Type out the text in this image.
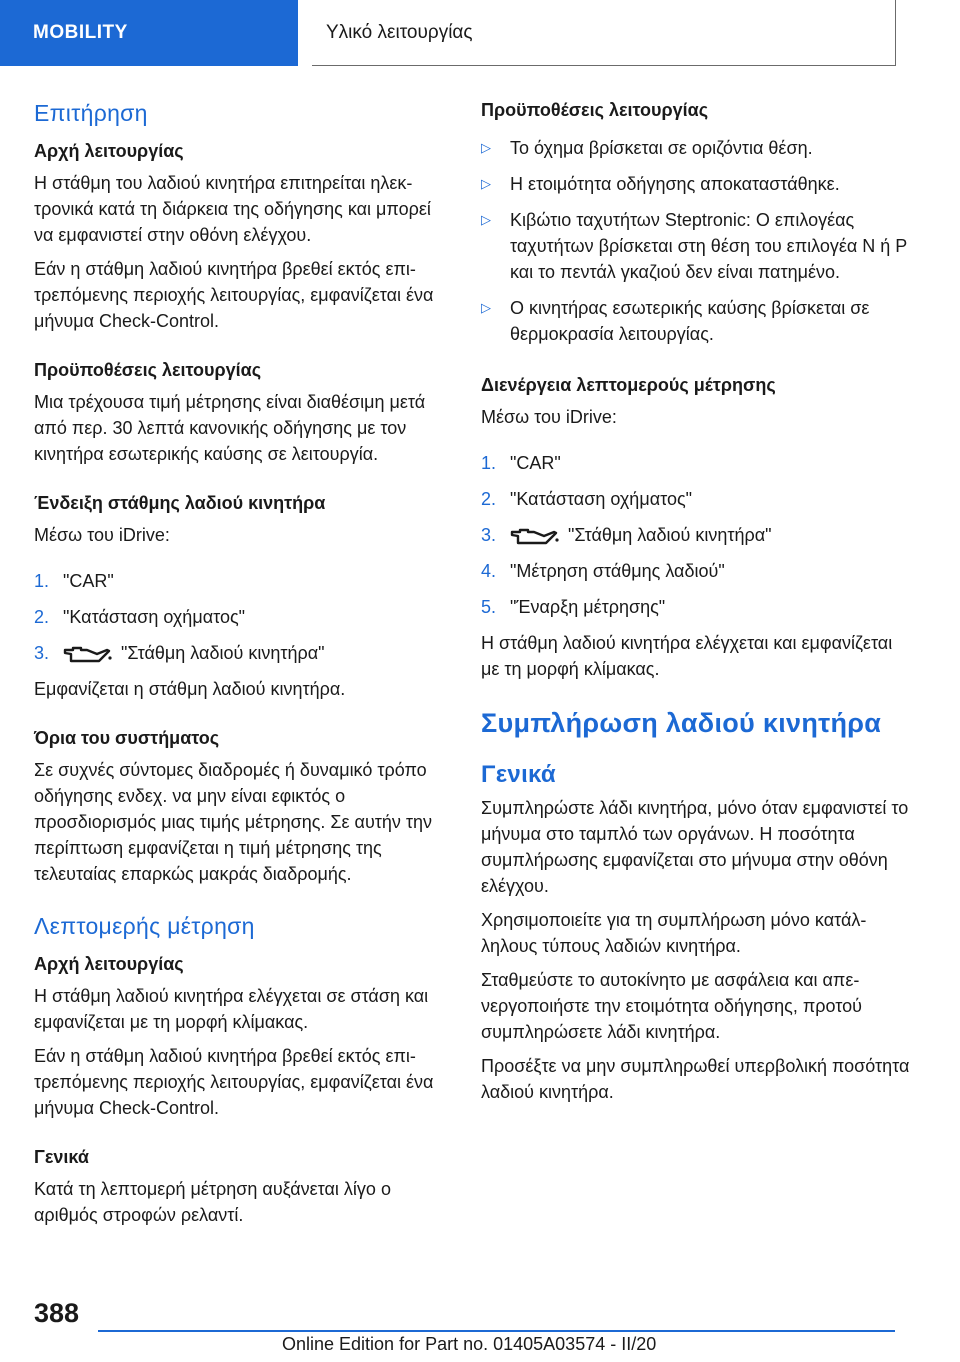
MOBILITY	Υλικό λειτουργίας
Επιτήρηση
Αρχή λειτουργίας

Η στάθμη του λαδιού κινητήρα επιτηρείται ηλεκτρονικά κατά τη διάρκεια της οδήγησης και μπορεί να εμφανιστεί στην οθόνη ελέγχου.

Εάν η στάθμη λαδιού κινητήρα βρεθεί εκτός επιτρεπόμενης περιοχής λειτουργίας, εμφανίζεται ένα μήνυμα Check-Control.

Προϋποθέσεις λειτουργίας

Μια τρέχουσα τιμή μέτρησης είναι διαθέσιμη μετά από περ. 30 λεπτά κανονικής οδήγησης με τον κινητήρα εσωτερικής καύσης σε λειτουργία.

Ένδειξη στάθμης λαδιού κινητήρα

Μέσω του iDrive:

1. "CAR"
2. "Κατάσταση οχήματος"
3.	"Στάθμη λαδιού κινητήρα"

Εμφανίζεται η στάθμη λαδιού κινητήρα.

Όρια του συστήματος

Σε συχνές σύντομες διαδρομές ή δυναμικό τρόπο οδήγησης ενδεχ. να μην είναι εφικτός ο προσδιορισμός μιας τιμής μέτρησης. Σε αυτήν την περίπτωση εμφανίζεται η τιμή μέτρησης της τελευταίας επαρκώς μακράς διαδρομής.

Λεπτομερής μέτρηση
Αρχή λειτουργίας

Η στάθμη λαδιού κινητήρα ελέγχεται σε στάση και εμφανίζεται με τη μορφή κλίμακας.

Εάν η στάθμη λαδιού κινητήρα βρεθεί εκτός επιτρεπόμενης περιοχής λειτουργίας, εμφανίζεται ένα μήνυμα Check-Control.

Γενικά

Κατά τη λεπτομερή μέτρηση αυξάνεται λίγο ο αριθμός στροφών ρελαντί.

Προϋποθέσεις λειτουργίας
▷	Το όχημα βρίσκεται σε οριζόντια θέση.
▷	Η ετοιμότητα οδήγησης αποκαταστάθηκε.
▷	Κιβώτιο ταχυτήτων Steptronic: Ο επιλογέας ταχυτήτων βρίσκεται στη θέση του επιλογέα N ή P και το πεντάλ γκαζιού δεν είναι πατημένο.
▷	Ο κινητήρας εσωτερικής καύσης βρίσκεται σε θερμοκρασία λειτουργίας.
Διενέργεια λεπτομερούς μέτρησης

Μέσω του iDrive:

1. "CAR"
2. "Κατάσταση οχήματος"
3.	"Στάθμη λαδιού κινητήρα"
4. "Μέτρηση στάθμης λαδιού"
5. "Έναρξη μέτρησης"

Η στάθμη λαδιού κινητήρα ελέγχεται και εμφανίζεται με τη μορφή κλίμακας.

Συμπλήρωση λαδιού κινητήρα
Γενικά

Συμπληρώστε λάδι κινητήρα, μόνο όταν εμφανιστεί το μήνυμα στο ταμπλό των οργάνων. Η ποσότητα συμπλήρωσης εμφανίζεται στο μήνυμα στην οθόνη ελέγχου.

Χρησιμοποιείτε για τη συμπλήρωση μόνο κατάλληλους τύπους λαδιών κινητήρα.

Σταθμεύστε το αυτοκίνητο με ασφάλεια και απενεργοποιήστε την ετοιμότητα οδήγησης, προτού συμπληρώσετε λάδι κινητήρα.

Προσέξτε να μην συμπληρωθεί υπερβολική ποσότητα λαδιού κινητήρα.

388
Online Edition for Part no. 01405A03574 - II/20
